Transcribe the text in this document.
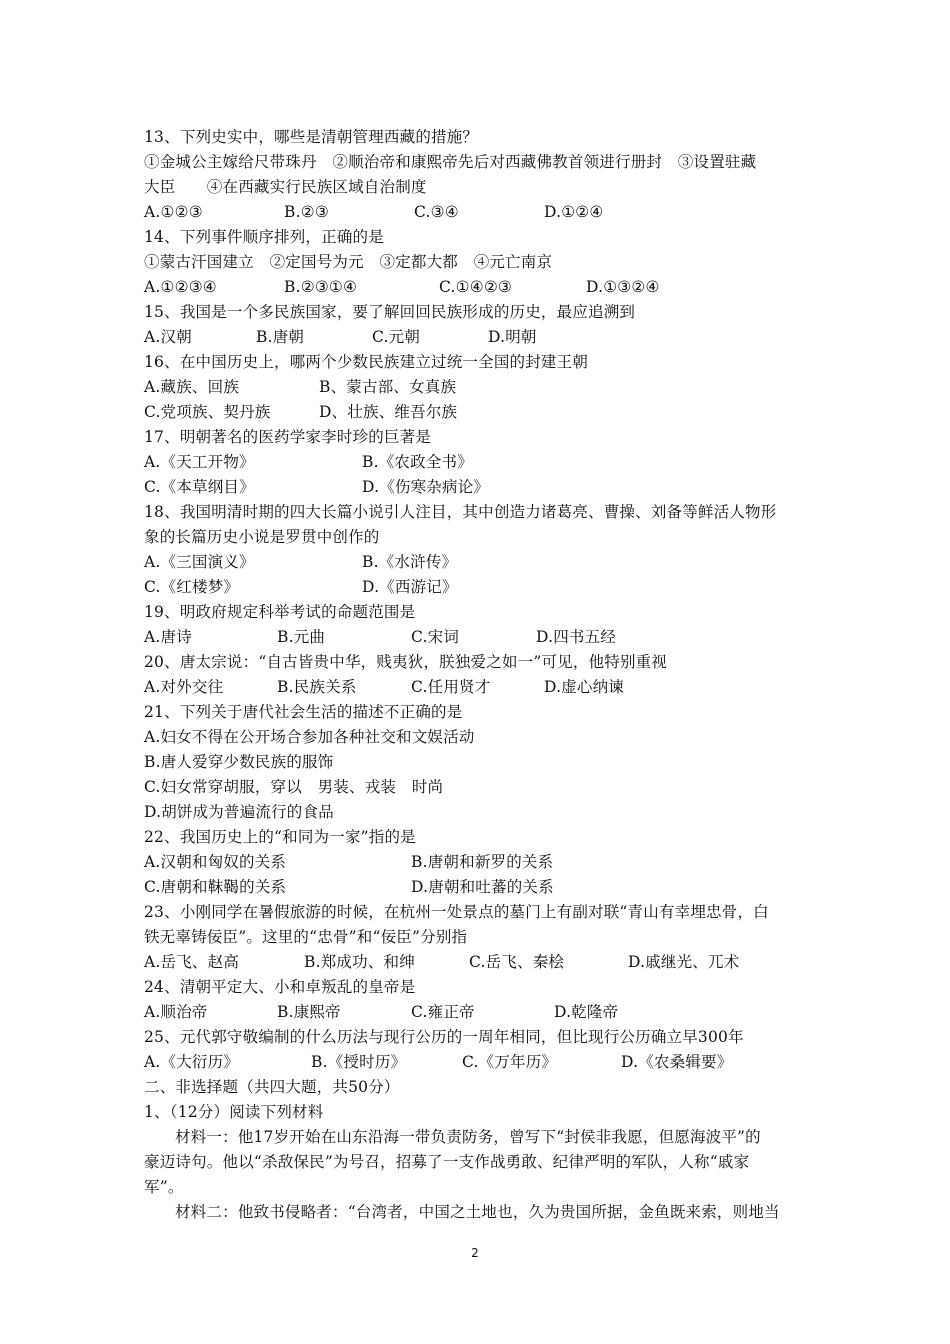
13、下列史实中，哪些是清朝管理西藏的措施？
①金城公主嫁给尺带珠丹　②顺治帝和康熙帝先后对西藏佛教首领进行册封　③设置驻藏
大臣　　④在西藏实行民族区域自治制度
A.①②③	B.②③	C.③④	D.①②④
14、下列事件顺序排列，正确的是
①蒙古汗国建立　②定国号为元　③定都大都　④元亡南京
A.①②③④	B.②③①④	C.①④②③	D.①③②④
15、我国是一个多民族国家，要了解回回民族形成的历史，最应追溯到
A.汉朝	B.唐朝	C.元朝	D.明朝
16、在中国历史上，哪两个少数民族建立过统一全国的封建王朝
A.藏族、回族	B、蒙古部、女真族
C.党项族、契丹族	D、壮族、维吾尔族
17、明朝著名的医药学家李时珍的巨著是
A.《天工开物》	B.《农政全书》
C.《本草纲目》	D.《伤寒杂病论》
18、我国明清时期的四大长篇小说引人注目，其中创造力诸葛亮、曹操、刘备等鲜活人物形
象的长篇历史小说是罗贯中创作的
A.《三国演义》	B.《水浒传》
C.《红楼梦》	D.《西游记》
19、明政府规定科举考试的命题范围是
A.唐诗	B.元曲	C.宋词	D.四书五经
20、唐太宗说：“自古皆贵中华，贱夷狄，朕独爱之如一”可见，他特别重视
A.对外交往	B.民族关系	C.任用贤才	D.虚心纳谏
21、下列关于唐代社会生活的描述不正确的是
A.妇女不得在公开场合参加各种社交和文娱活动
B.唐人爱穿少数民族的服饰
C.妇女常穿胡服，穿以　男装、戎装　时尚
D.胡饼成为普遍流行的食品
22、我国历史上的“和同为一家”指的是
A.汉朝和匈奴的关系	B.唐朝和新罗的关系
C.唐朝和靺鞨的关系	D.唐朝和吐蕃的关系
23、小刚同学在暑假旅游的时候，在杭州一处景点的墓门上有副对联“青山有幸埋忠骨，白
铁无辜铸佞臣”。这里的“忠骨”和“佞臣”分别指
A.岳飞、赵高	B.郑成功、和绅	C.岳飞、秦桧	D.戚继光、兀术
24、清朝平定大、小和卓叛乱的皇帝是
A.顺治帝	B.康熙帝	C.雍正帝	D.乾隆帝
25、元代郭守敬编制的什么历法与现行公历的一周年相同，但比现行公历确立早300年
A.《大衍历》	B.《授时历》	C.《万年历》	D.《农桑辑要》
二、非选择题（共四大题，共50分）
1、（12分）阅读下列材料
材料一：他17岁开始在山东沿海一带负责防务，曾写下“封侯非我愿，但愿海波平”的
豪迈诗句。他以“杀敌保民”为号召，招募了一支作战勇敢、纪律严明的军队，人称“戚家
军”。
材料二：他致书侵略者：“台湾者，中国之土地也，久为贵国所据，金鱼既来索，则地当
2
